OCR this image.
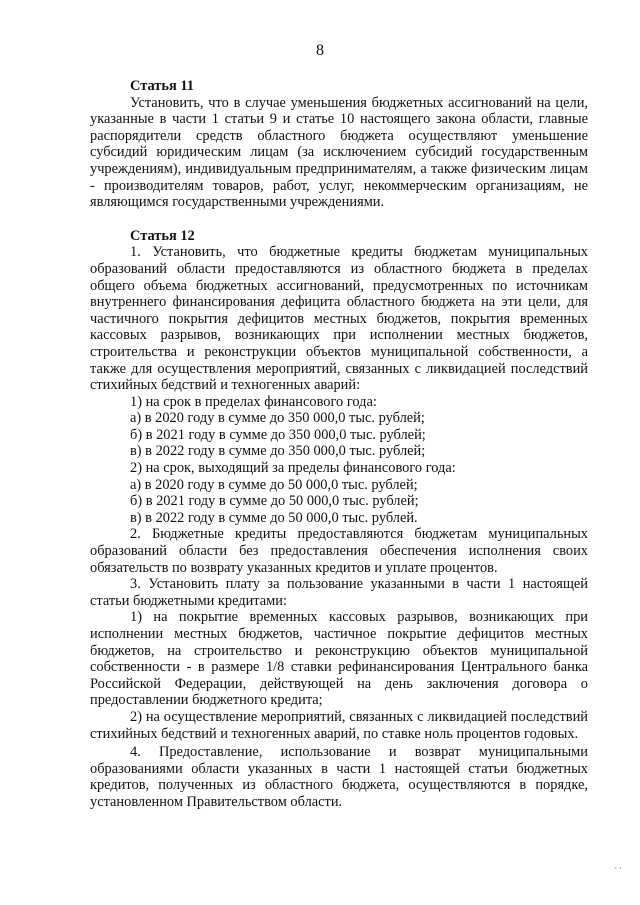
8

Статья 11

Установить, что в случае уменьшения бюджетных ассигнований на цели, указанные в части 1 статьи 9 и статье 10 настоящего закона области, главные распорядители средств областного бюджета осуществляют уменьшение субсидий юридическим лицам (за исключением субсидий государственным учреждениям), индивидуальным предпринимателям, а также физическим лицам - производителям товаров, работ, услуг, некоммерческим организациям, не являющимся государственными учреждениями.

Статья 12

1. Установить, что бюджетные кредиты бюджетам муниципальных образований области предоставляются из областного бюджета в пределах общего объема бюджетных ассигнований, предусмотренных по источникам внутреннего финансирования дефицита областного бюджета на эти цели, для частичного покрытия дефицитов местных бюджетов, покрытия временных кассовых разрывов, возникающих при исполнении местных бюджетов, строительства и реконструкции объектов муниципальной собственности, а также для осуществления мероприятий, связанных с ликвидацией последствий стихийных бедствий и техногенных аварий:

1) на срок в пределах финансового года:

а) в 2020 году в сумме до 350 000,0 тыс. рублей;

б) в 2021 году в сумме до 350 000,0 тыс. рублей;

в) в 2022 году в сумме до 350 000,0 тыс. рублей;

2) на срок, выходящий за пределы финансового года:

а) в 2020 году в сумме до 50 000,0 тыс. рублей;

б) в 2021 году в сумме до 50 000,0 тыс. рублей;

в) в 2022 году в сумме до 50 000,0 тыс. рублей.

2. Бюджетные кредиты предоставляются бюджетам муниципальных образований области без предоставления обеспечения исполнения своих обязательств по возврату указанных кредитов и уплате процентов.

3. Установить плату за пользование указанными в части 1 настоящей статьи бюджетными кредитами:

1) на покрытие временных кассовых разрывов, возникающих при исполнении местных бюджетов, частичное покрытие дефицитов местных бюджетов, на строительство и реконструкцию объектов муниципальной собственности - в размере 1/8 ставки рефинансирования Центрального банка Российской Федерации, действующей на день заключения договора о предоставлении бюджетного кредита;

2) на осуществление мероприятий, связанных с ликвидацией последствий стихийных бедствий и техногенных аварий, по ставке ноль процентов годовых.

4. Предоставление, использование и возврат муниципальными образованиями области указанных в части 1 настоящей статьи бюджетных кредитов, полученных из областного бюджета, осуществляются в порядке, установленном Правительством области.

· ·
